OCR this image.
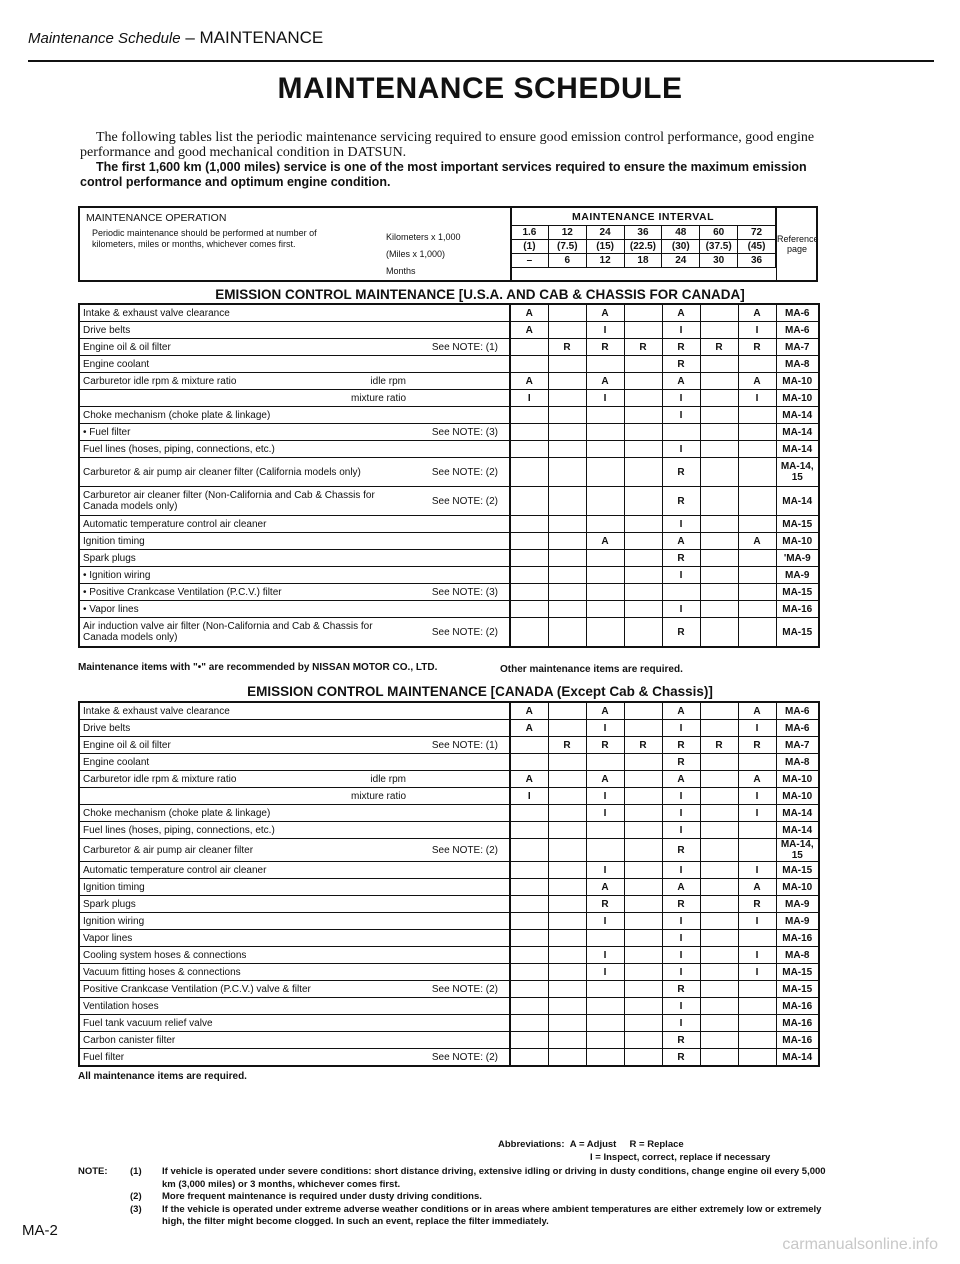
Maintenance Schedule – MAINTENANCE
MAINTENANCE SCHEDULE

The following tables list the periodic maintenance servicing required to ensure good emission control performance, good engine performance and good mechanical condition in DATSUN.

The first 1,600 km (1,000 miles) service is one of the most important services required to ensure the maximum emission control performance and optimum engine condition.

MAINTENANCE OPERATION
Periodic maintenance should be performed at number of kilometers, miles or months, whichever comes first.
Kilometers x 1,000
(Miles x 1,000)
Months
MAINTENANCE INTERVAL						
1.6	12	24	36	48	60	72
(1)	(7.5)	(15)	(22.5)	(30)	(37.5)	(45)
–	6	12	18	24	30	36
Reference
page
EMISSION CONTROL MAINTENANCE [U.S.A. AND CAB & CHASSIS FOR CANADA]
Intake & exhaust valve clearance	A		A		A		A	MA-6

Drive belts	A		I		I		I	MA-6

Engine oil & oil filter See NOTE: (1)		R	R	R	R	R	R	MA-7

Engine coolant					R			MA-8

Carburetor idle rpm & mixture ratio idle rpm	A		A		A		A	MA-10

mixture ratio	I		I		I		I	MA-10

Choke mechanism (choke plate & linkage)					I			MA-14

• Fuel filter See NOTE: (3)								MA-14

Fuel lines (hoses, piping, connections, etc.)					I			MA-14

Carburetor & air pump air cleaner filter (California models only) See NOTE: (2)					R			MA-14, 15

Carburetor air cleaner filter (Non-California and Cab & Chassis for Canada models only) See NOTE: (2)					R			MA-14

Automatic temperature control air cleaner					I			MA-15

Ignition timing			A		A		A	MA-10

Spark plugs					R			'MA-9

• Ignition wiring					I			MA-9

• Positive Crankcase Ventilation (P.C.V.) filter See NOTE: (3)								MA-15

• Vapor lines					I			MA-16

Air induction valve air filter (Non-California and Cab & Chassis for Canada models only) See NOTE: (2)					R			MA-15
Maintenance items with "•" are recommended by NISSAN MOTOR CO., LTD.	Other maintenance items are required.
EMISSION CONTROL MAINTENANCE [CANADA (Except Cab & Chassis)]
Intake & exhaust valve clearance	A		A		A		A	MA-6

Drive belts	A		I		I		I	MA-6

Engine oil & oil filter See NOTE: (1)		R	R	R	R	R	R	MA-7

Engine coolant					R			MA-8

Carburetor idle rpm & mixture ratio idle rpm	A		A		A		A	MA-10

mixture ratio	I		I		I		I	MA-10

Choke mechanism (choke plate & linkage)			I		I		I	MA-14

Fuel lines (hoses, piping, connections, etc.)					I			MA-14

Carburetor & air pump air cleaner filter See NOTE: (2)					R			MA-14, 15

Automatic temperature control air cleaner			I		I		I	MA-15

Ignition timing			A		A		A	MA-10

Spark plugs			R		R		R	MA-9

Ignition wiring			I		I		I	MA-9

Vapor lines					I			MA-16

Cooling system hoses & connections			I		I		I	MA-8

Vacuum fitting hoses & connections			I		I		I	MA-15

Positive Crankcase Ventilation (P.C.V.) valve & filter See NOTE: (2)					R			MA-15

Ventilation hoses					I			MA-16

Fuel tank vacuum relief valve					I			MA-16

Carbon canister filter					R			MA-16

Fuel filter See NOTE: (2)					R			MA-14
All maintenance items are required.
Abbreviations: A = Adjust R = Replace
I = Inspect, correct, replace if necessary
NOTE:	(1)	If vehicle is operated under severe conditions: short distance driving, extensive idling or driving in dusty conditions, change engine oil every 5,000 km (3,000 miles) or 3 months, whichever comes first.
(2)	More frequent maintenance is required under dusty driving conditions.
(3)	If the vehicle is operated under extreme adverse weather conditions or in areas where ambient temperatures are either extremely low or extremely high, the filter might become clogged. In such an event, replace the filter immediately.
MA-2
carmanualsonline.info
